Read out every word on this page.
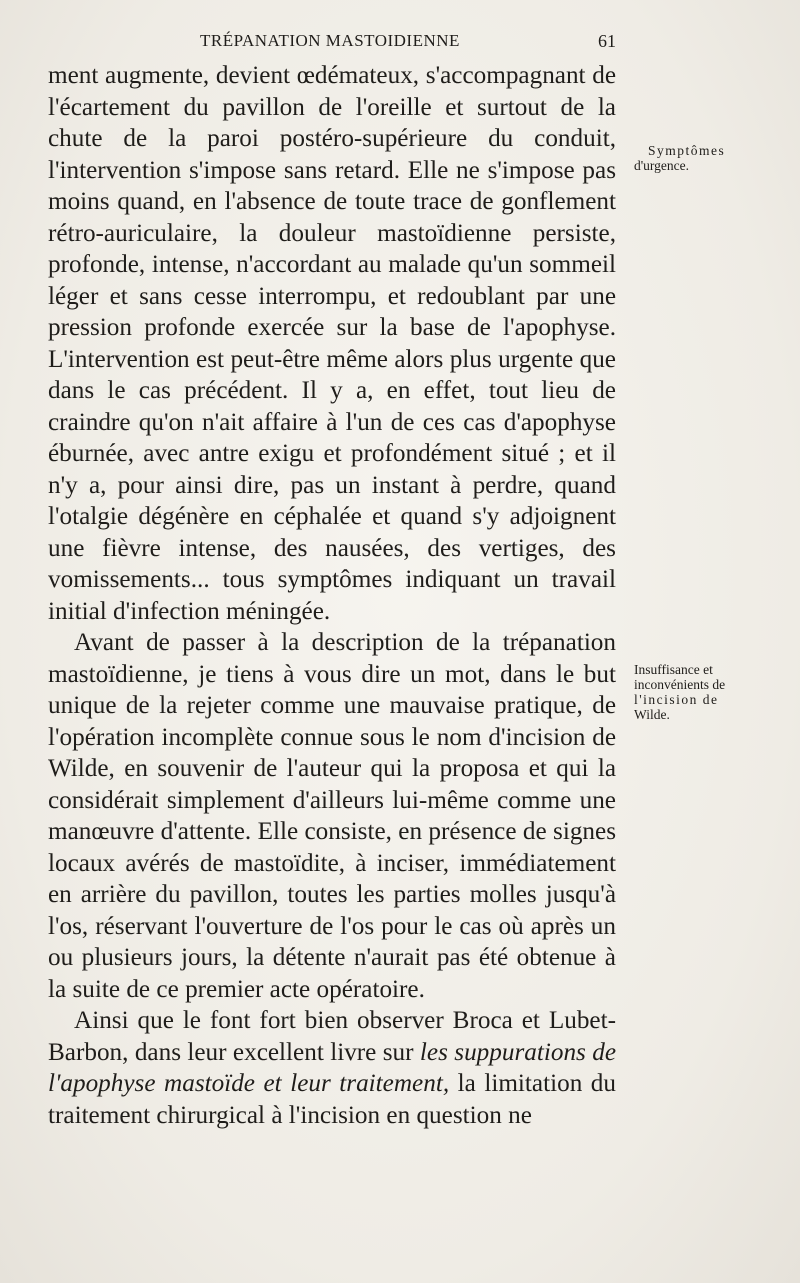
TRÉPANATION MASTOIDIENNE	61

ment augmente, devient œdémateux, s'accompagnant de l'écartement du pavillon de l'oreille et surtout de la chute de la paroi postéro-supérieure du conduit, l'intervention s'impose sans retard. Elle ne s'impose pas moins quand, en l'absence de toute trace de gonflement rétro-auriculaire, la douleur mastoïdienne persiste, profonde, intense, n'accordant au malade qu'un sommeil léger et sans cesse interrompu, et redoublant par une pression profonde exercée sur la base de l'apophyse. L'intervention est peut-être même alors plus urgente que dans le cas précédent. Il y a, en effet, tout lieu de craindre qu'on n'ait affaire à l'un de ces cas d'apophyse éburnée, avec antre exigu et profondément situé ; et il n'y a, pour ainsi dire, pas un instant à perdre, quand l'otalgie dégénère en céphalée et quand s'y adjoignent une fièvre intense, des nausées, des vertiges, des vomissements... tous symptômes indiquant un travail initial d'infection méningée.

Avant de passer à la description de la trépanation mastoïdienne, je tiens à vous dire un mot, dans le but unique de la rejeter comme une mauvaise pratique, de l'opération incomplète connue sous le nom d'incision de Wilde, en souvenir de l'auteur qui la proposa et qui la considérait simplement d'ailleurs lui-même comme une manœuvre d'attente. Elle consiste, en présence de signes locaux avérés de mastoïdite, à inciser, immédiatement en arrière du pavillon, toutes les parties molles jusqu'à l'os, réservant l'ouverture de l'os pour le cas où après un ou plusieurs jours, la détente n'aurait pas été obtenue à la suite de ce premier acte opératoire.

Ainsi que le font fort bien observer Broca et Lubet-Barbon, dans leur excellent livre sur les suppurations de l'apophyse mastoïde et leur traitement, la limitation du traitement chirurgical à l'incision en question ne

Symptômes
d'urgence.
Insuffisance et
inconvénients de
l'incision de
Wilde.
